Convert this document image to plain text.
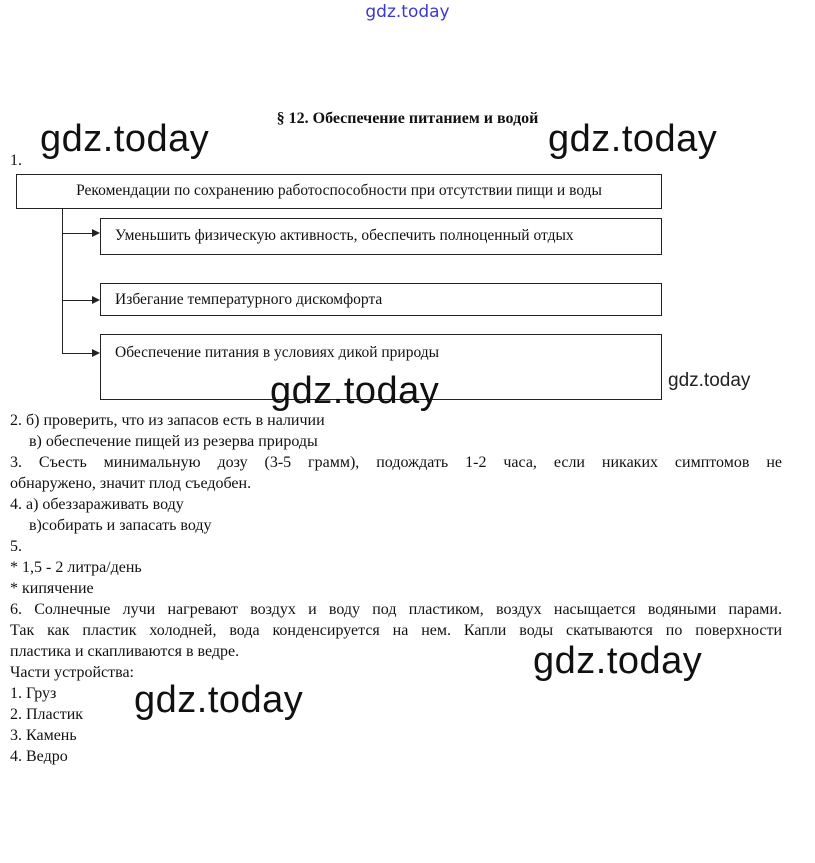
gdz.today
§ 12. Обеспечение питанием и водой
gdz.today	gdz.today
1.
Рекомендации по сохранению работоспособности при отсутствии пищи и воды
Уменьшить физическую активность, обеспечить полноценный отдых
Избегание температурного дискомфорта
Обеспечение питания в условиях дикой природы
gdz.today	gdz.today
2. б) проверить, что из запасов есть в наличии
в) обеспечение пищей из резерва природы
3. Съесть минимальную дозу (3-5 грамм), подождать 1-2 часа, если никаких симптомов не
обнаружено, значит плод съедобен.
4. а) обеззараживать воду
в)собирать и запасать воду
5.
* 1,5 - 2 литра/день
* кипячение
6. Солнечные лучи нагревают воздух и воду под пластиком, воздух насыщается водяными парами.
Так как пластик холодней, вода конденсируется на нем. Капли воды скатываются по поверхности
пластика и скапливаются в ведре.
Части устройства:
1. Груз
2. Пластик
3. Камень
4. Ведро
gdz.today
gdz.today
